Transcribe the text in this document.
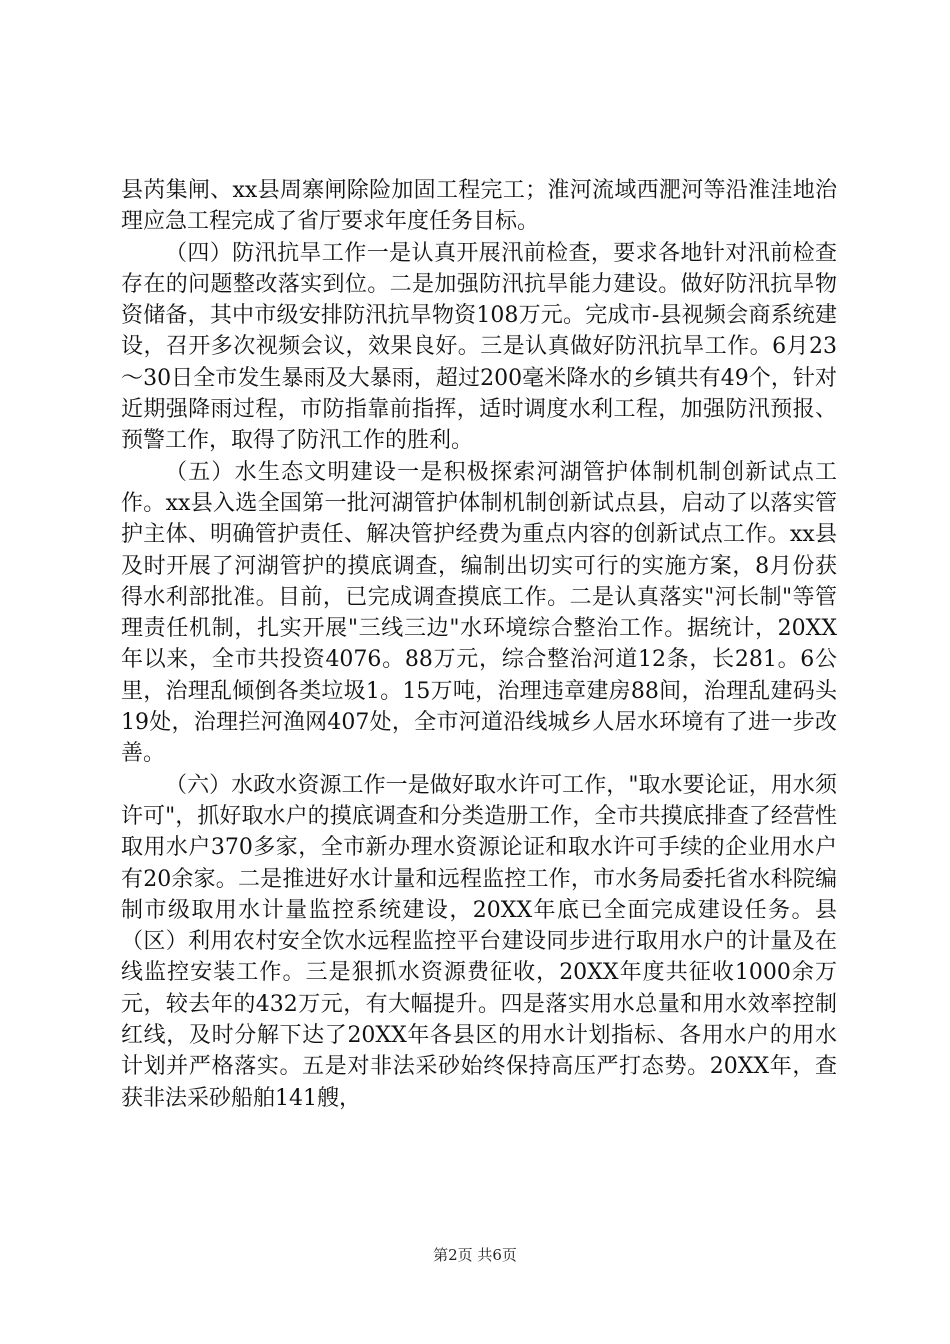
县芮集闸、xx县周寨闸除险加固工程完工；淮河流域西淝河等沿淮洼地治理应急工程完成了省厅要求年度任务目标。

（四）防汛抗旱工作一是认真开展汛前检查，要求各地针对汛前检查存在的问题整改落实到位。二是加强防汛抗旱能力建设。做好防汛抗旱物资储备，其中市级安排防汛抗旱物资108万元。完成市-县视频会商系统建设，召开多次视频会议，效果良好。三是认真做好防汛抗旱工作。6月23～30日全市发生暴雨及大暴雨，超过200毫米降水的乡镇共有49个，针对近期强降雨过程，市防指靠前指挥，适时调度水利工程，加强防汛预报、预警工作，取得了防汛工作的胜利。

（五）水生态文明建设一是积极探索河湖管护体制机制创新试点工作。xx县入选全国第一批河湖管护体制机制创新试点县，启动了以落实管护主体、明确管护责任、解决管护经费为重点内容的创新试点工作。xx县及时开展了河湖管护的摸底调查，编制出切实可行的实施方案，8月份获得水利部批准。目前，已完成调查摸底工作。二是认真落实"河长制"等管理责任机制，扎实开展"三线三边"水环境综合整治工作。据统计，20XX年以来，全市共投资4076。88万元，综合整治河道12条，长281。6公里，治理乱倾倒各类垃圾1。15万吨，治理违章建房88间，治理乱建码头19处，治理拦河渔网407处，全市河道沿线城乡人居水环境有了进一步改善。

（六）水政水资源工作一是做好取水许可工作，"取水要论证，用水须许可"，抓好取水户的摸底调查和分类造册工作，全市共摸底排查了经营性取用水户370多家，全市新办理水资源论证和取水许可手续的企业用水户有20余家。二是推进好水计量和远程监控工作，市水务局委托省水科院编制市级取用水计量监控系统建设，20XX年底已全面完成建设任务。县（区）利用农村安全饮水远程监控平台建设同步进行取用水户的计量及在线监控安装工作。三是狠抓水资源费征收，20XX年度共征收1000余万元，较去年的432万元，有大幅提升。四是落实用水总量和用水效率控制红线，及时分解下达了20XX年各县区的用水计划指标、各用水户的用水计划并严格落实。五是对非法采砂始终保持高压严打态势。20XX年，查获非法采砂船舶141艘，

第2页 共6页
